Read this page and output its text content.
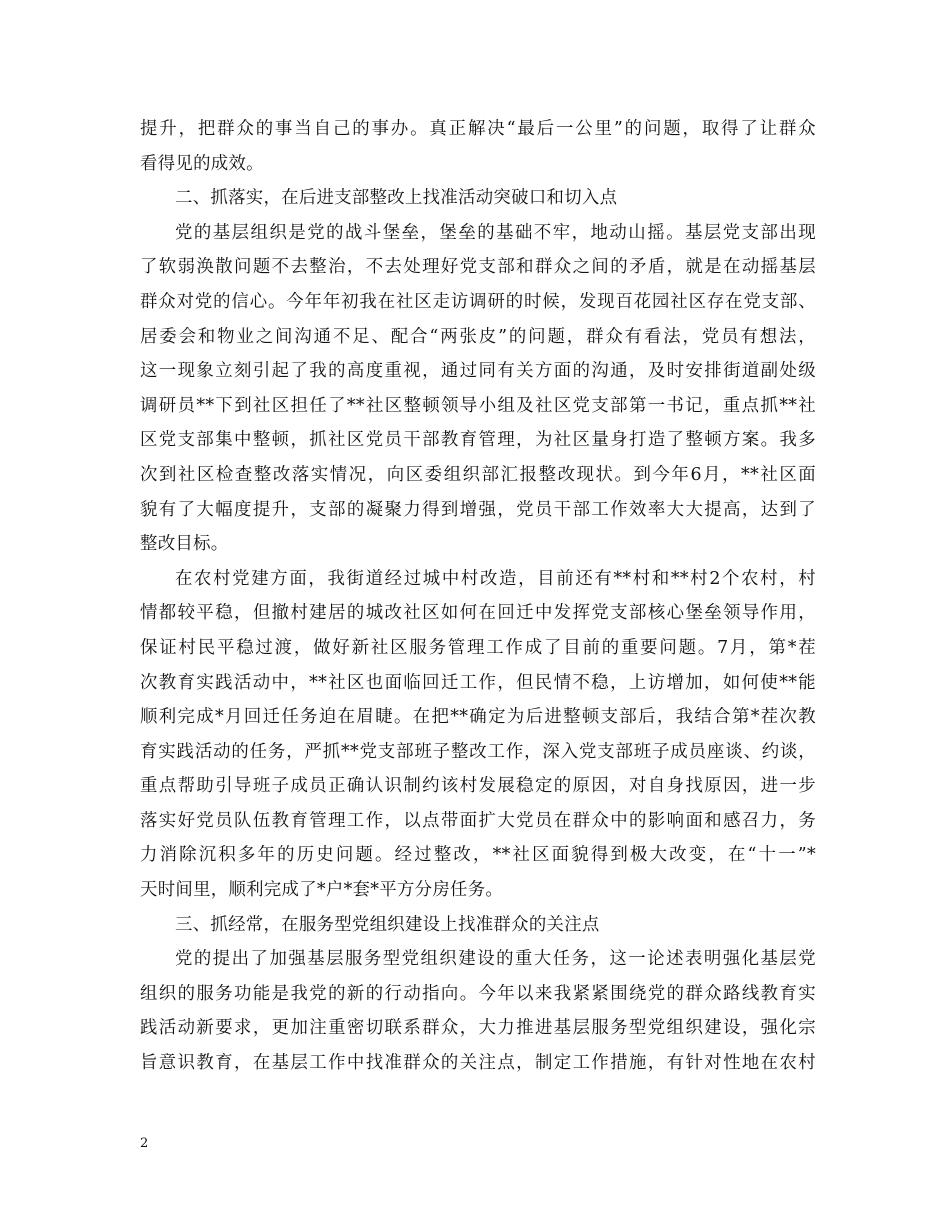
提升，把群众的事当自己的事办。真正解决“最后一公里”的问题，取得了让群众
看得见的成效。
二、抓落实，在后进支部整改上找准活动突破口和切入点
党的基层组织是党的战斗堡垒，堡垒的基础不牢，地动山摇。基层党支部出现
了软弱涣散问题不去整治，不去处理好党支部和群众之间的矛盾，就是在动摇基层
群众对党的信心。今年年初我在社区走访调研的时候，发现百花园社区存在党支部、
居委会和物业之间沟通不足、配合“两张皮”的问题，群众有看法，党员有想法，
这一现象立刻引起了我的高度重视，通过同有关方面的沟通，及时安排街道副处级
调研员**下到社区担任了**社区整顿领导小组及社区党支部第一书记，重点抓**社
区党支部集中整顿，抓社区党员干部教育管理，为社区量身打造了整顿方案。我多
次到社区检查整改落实情况，向区委组织部汇报整改现状。到今年6月，**社区面
貌有了大幅度提升，支部的凝聚力得到增强，党员干部工作效率大大提高，达到了
整改目标。
在农村党建方面，我街道经过城中村改造，目前还有**村和**村2个农村，村
情都较平稳，但撤村建居的城改社区如何在回迁中发挥党支部核心堡垒领导作用，
保证村民平稳过渡，做好新社区服务管理工作成了目前的重要问题。7月，第*茬
次教育实践活动中，**社区也面临回迁工作，但民情不稳，上访增加，如何使**能
顺利完成*月回迁任务迫在眉睫。在把**确定为后进整顿支部后，我结合第*茬次教
育实践活动的任务，严抓**党支部班子整改工作，深入党支部班子成员座谈、约谈，
重点帮助引导班子成员正确认识制约该村发展稳定的原因，对自身找原因，进一步
落实好党员队伍教育管理工作，以点带面扩大党员在群众中的影响面和感召力，务
力消除沉积多年的历史问题。经过整改，**社区面貌得到极大改变，在“十一”*
天时间里，顺利完成了*户*套*平方分房任务。
三、抓经常，在服务型党组织建设上找准群众的关注点
党的提出了加强基层服务型党组织建设的重大任务，这一论述表明强化基层党
组织的服务功能是我党的新的行动指向。今年以来我紧紧围绕党的群众路线教育实
践活动新要求，更加注重密切联系群众，大力推进基层服务型党组织建设，强化宗
旨意识教育，在基层工作中找准群众的关注点，制定工作措施，有针对性地在农村
2
